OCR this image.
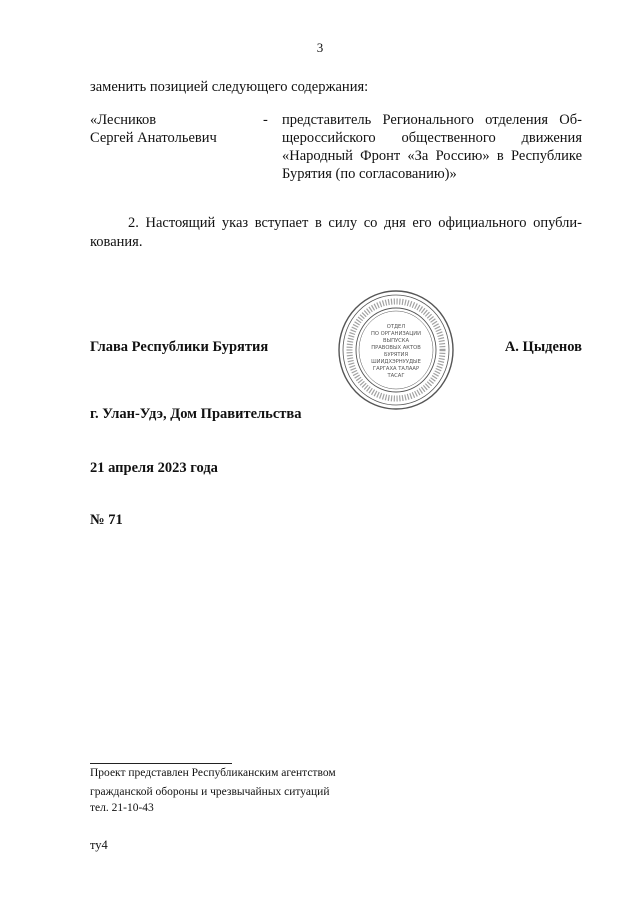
3
заменить позицией следующего содержания:
«Лесников
Сергей Анатольевич
- представитель Регионального отделения Об-
щероссийского общественного движения
«Народный Фронт «За Россию» в Республике
Бурятия (по согласованию)»
2. Настоящий указ вступает в силу со дня его официального опубли-
кования.
Глава Республики Бурятия	А. Цыденов
ОТДЕЛ
ПО ОРГАНИЗАЦИИ
ВЫПУСКА
ПРАВОВЫХ АКТОВ
БУРЯТИЯ
ШИИДХЭРНУУДЫЕ
ГАРГАХА ТАЛААР
ТАСАГ
г. Улан-Удэ, Дом Правительства
21 апреля 2023 года
№ 71
Проект представлен Республиканским агентством
гражданской обороны и чрезвычайных ситуаций
тел. 21-10-43
ту4
